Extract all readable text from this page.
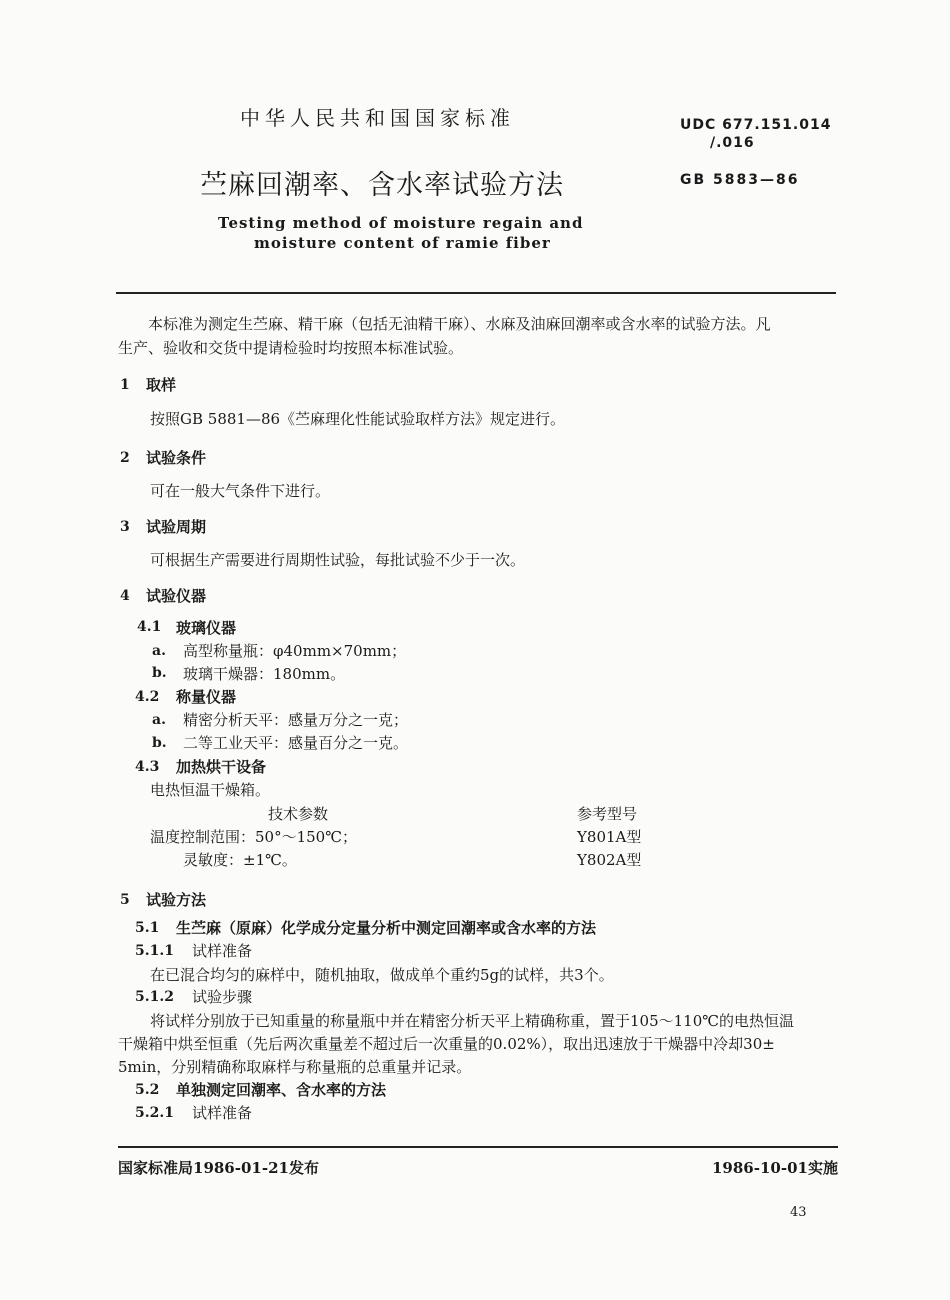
中华人民共和国国家标准	UDC 677.151.014
/.016
苎麻回潮率、含水率试验方法	GB 5883—86
Testing method of moisture regain and
moisture content of ramie fiber
本标准为测定生苎麻、精干麻（包括无油精干麻）、水麻及油麻回潮率或含水率的试验方法。凡
生产、验收和交货中提请检验时均按照本标准试验。
1 取样
按照GB 5881—86《苎麻理化性能试验取样方法》规定进行。
2 试验条件
可在一般大气条件下进行。
3 试验周期
可根据生产需要进行周期性试验，每批试验不少于一次。
4 试验仪器
4.1 玻璃仪器
a. 高型称量瓶：φ40mm×70mm；
b. 玻璃干燥器：180mm。
4.2 称量仪器
a. 精密分析天平：感量万分之一克；
b. 二等工业天平：感量百分之一克。
4.3 加热烘干设备
电热恒温干燥箱。
技术参数	参考型号
温度控制范围：50°～150℃；	Y801A型
灵敏度：±1℃。	Y802A型
5 试验方法
5.1 生苎麻（原麻）化学成分定量分析中测定回潮率或含水率的方法
5.1.1 试样准备
在已混合均匀的麻样中，随机抽取，做成单个重约5g的试样，共3个。
5.1.2 试验步骤
将试样分别放于已知重量的称量瓶中并在精密分析天平上精确称重，置于105～110℃的电热恒温
干燥箱中烘至恒重（先后两次重量差不超过后一次重量的0.02%），取出迅速放于干燥器中冷却30±
5min，分别精确称取麻样与称量瓶的总重量并记录。
5.2 单独测定回潮率、含水率的方法
5.2.1 试样准备
国家标准局1986-01-21发布	1986-10-01实施
43
